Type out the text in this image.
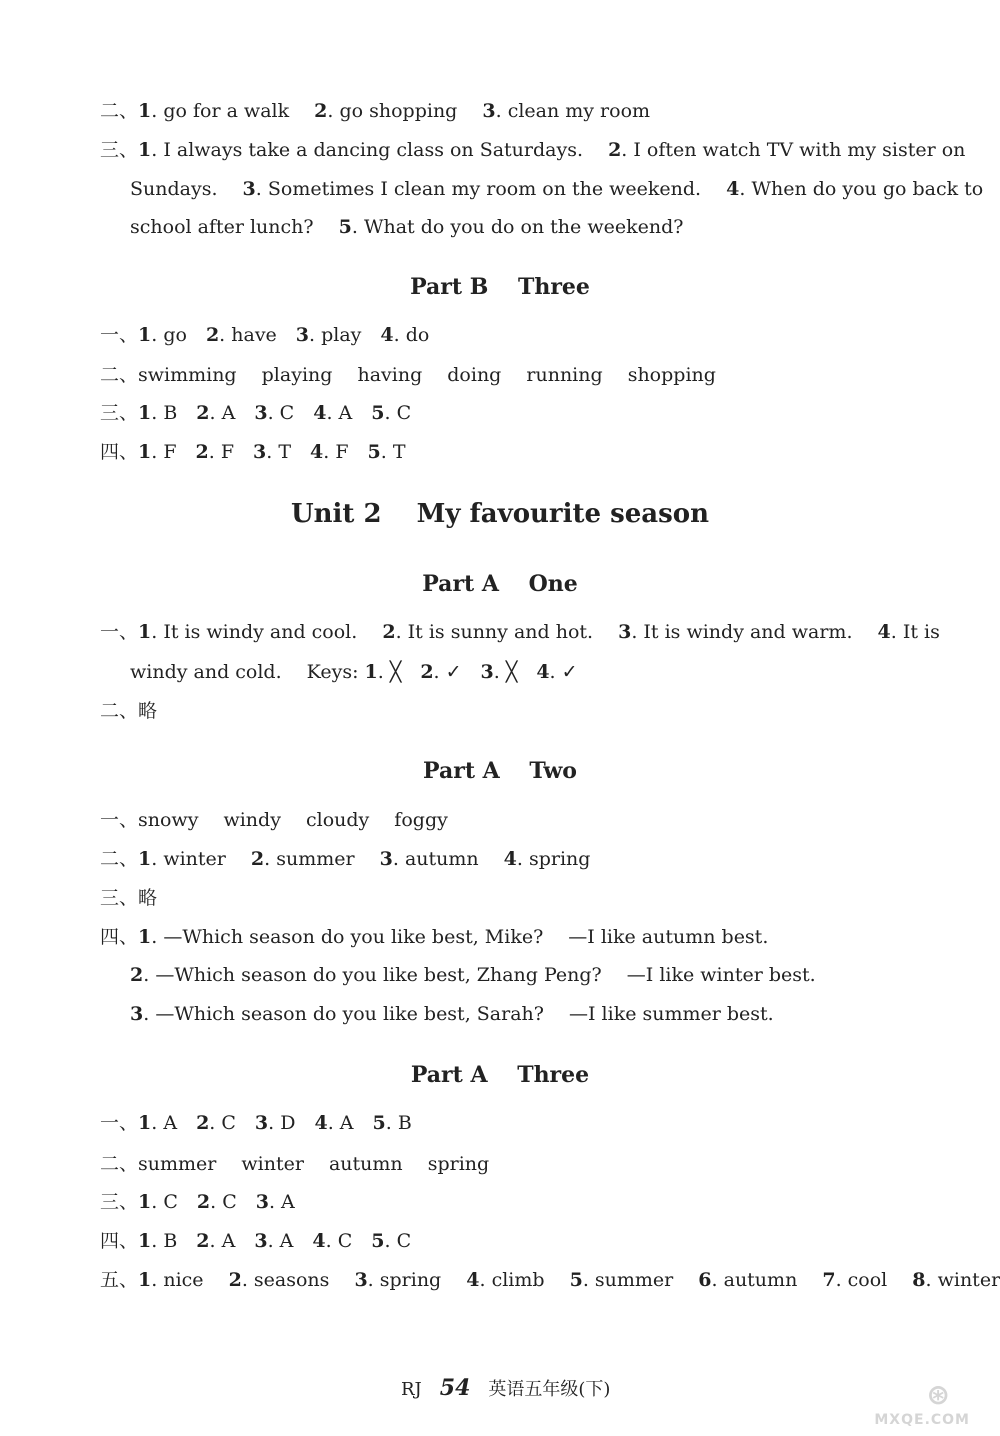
Part B　 Three
Unit 2　 My favourite season
Part A　 One
Part A　 Two
Part A　 Three
二、1. go for a walk　 2. go shopping　 3. clean my room
三、1. I always take a dancing class on Saturdays.　 2. I often watch TV with my sister on
Sundays.　 3. Sometimes I clean my room on the weekend.　 4. When do you go back to
school after lunch?　 5. What do you do on the weekend?
一、1. go　2. have　3. play　4. do
二、swimming　 playing　 having　 doing　 running　 shopping
三、1. B　2. A　3. C　4. A　5. C
四、1. F　2. F　3. T　4. F　5. T
一、1. It is windy and cool.　 2. It is sunny and hot.　 3. It is windy and warm.　 4. It is
windy and cold.　 Keys: 1. ╳　2. ✓　3. ╳　4. ✓
二、略
一、snowy　 windy　 cloudy　 foggy
二、1. winter　 2. summer　 3. autumn　 4. spring
三、略
四、1. —Which season do you like best, Mike?　 —I like autumn best.
2. —Which season do you like best, Zhang Peng?　 —I like winter best.
3. —Which season do you like best, Sarah?　 —I like summer best.
一、1. A　2. C　3. D　4. A　5. B
二、summer　 winter　 autumn　 spring
三、1. C　2. C　3. A
四、1. B　2. A　3. A　4. C　5. C
五、1. nice　 2. seasons　 3. spring　 4. climb　 5. summer　 6. autumn　 7. cool　 8. winter

RJ 54 英语五年级(下)	⊛
MXQE.COM
